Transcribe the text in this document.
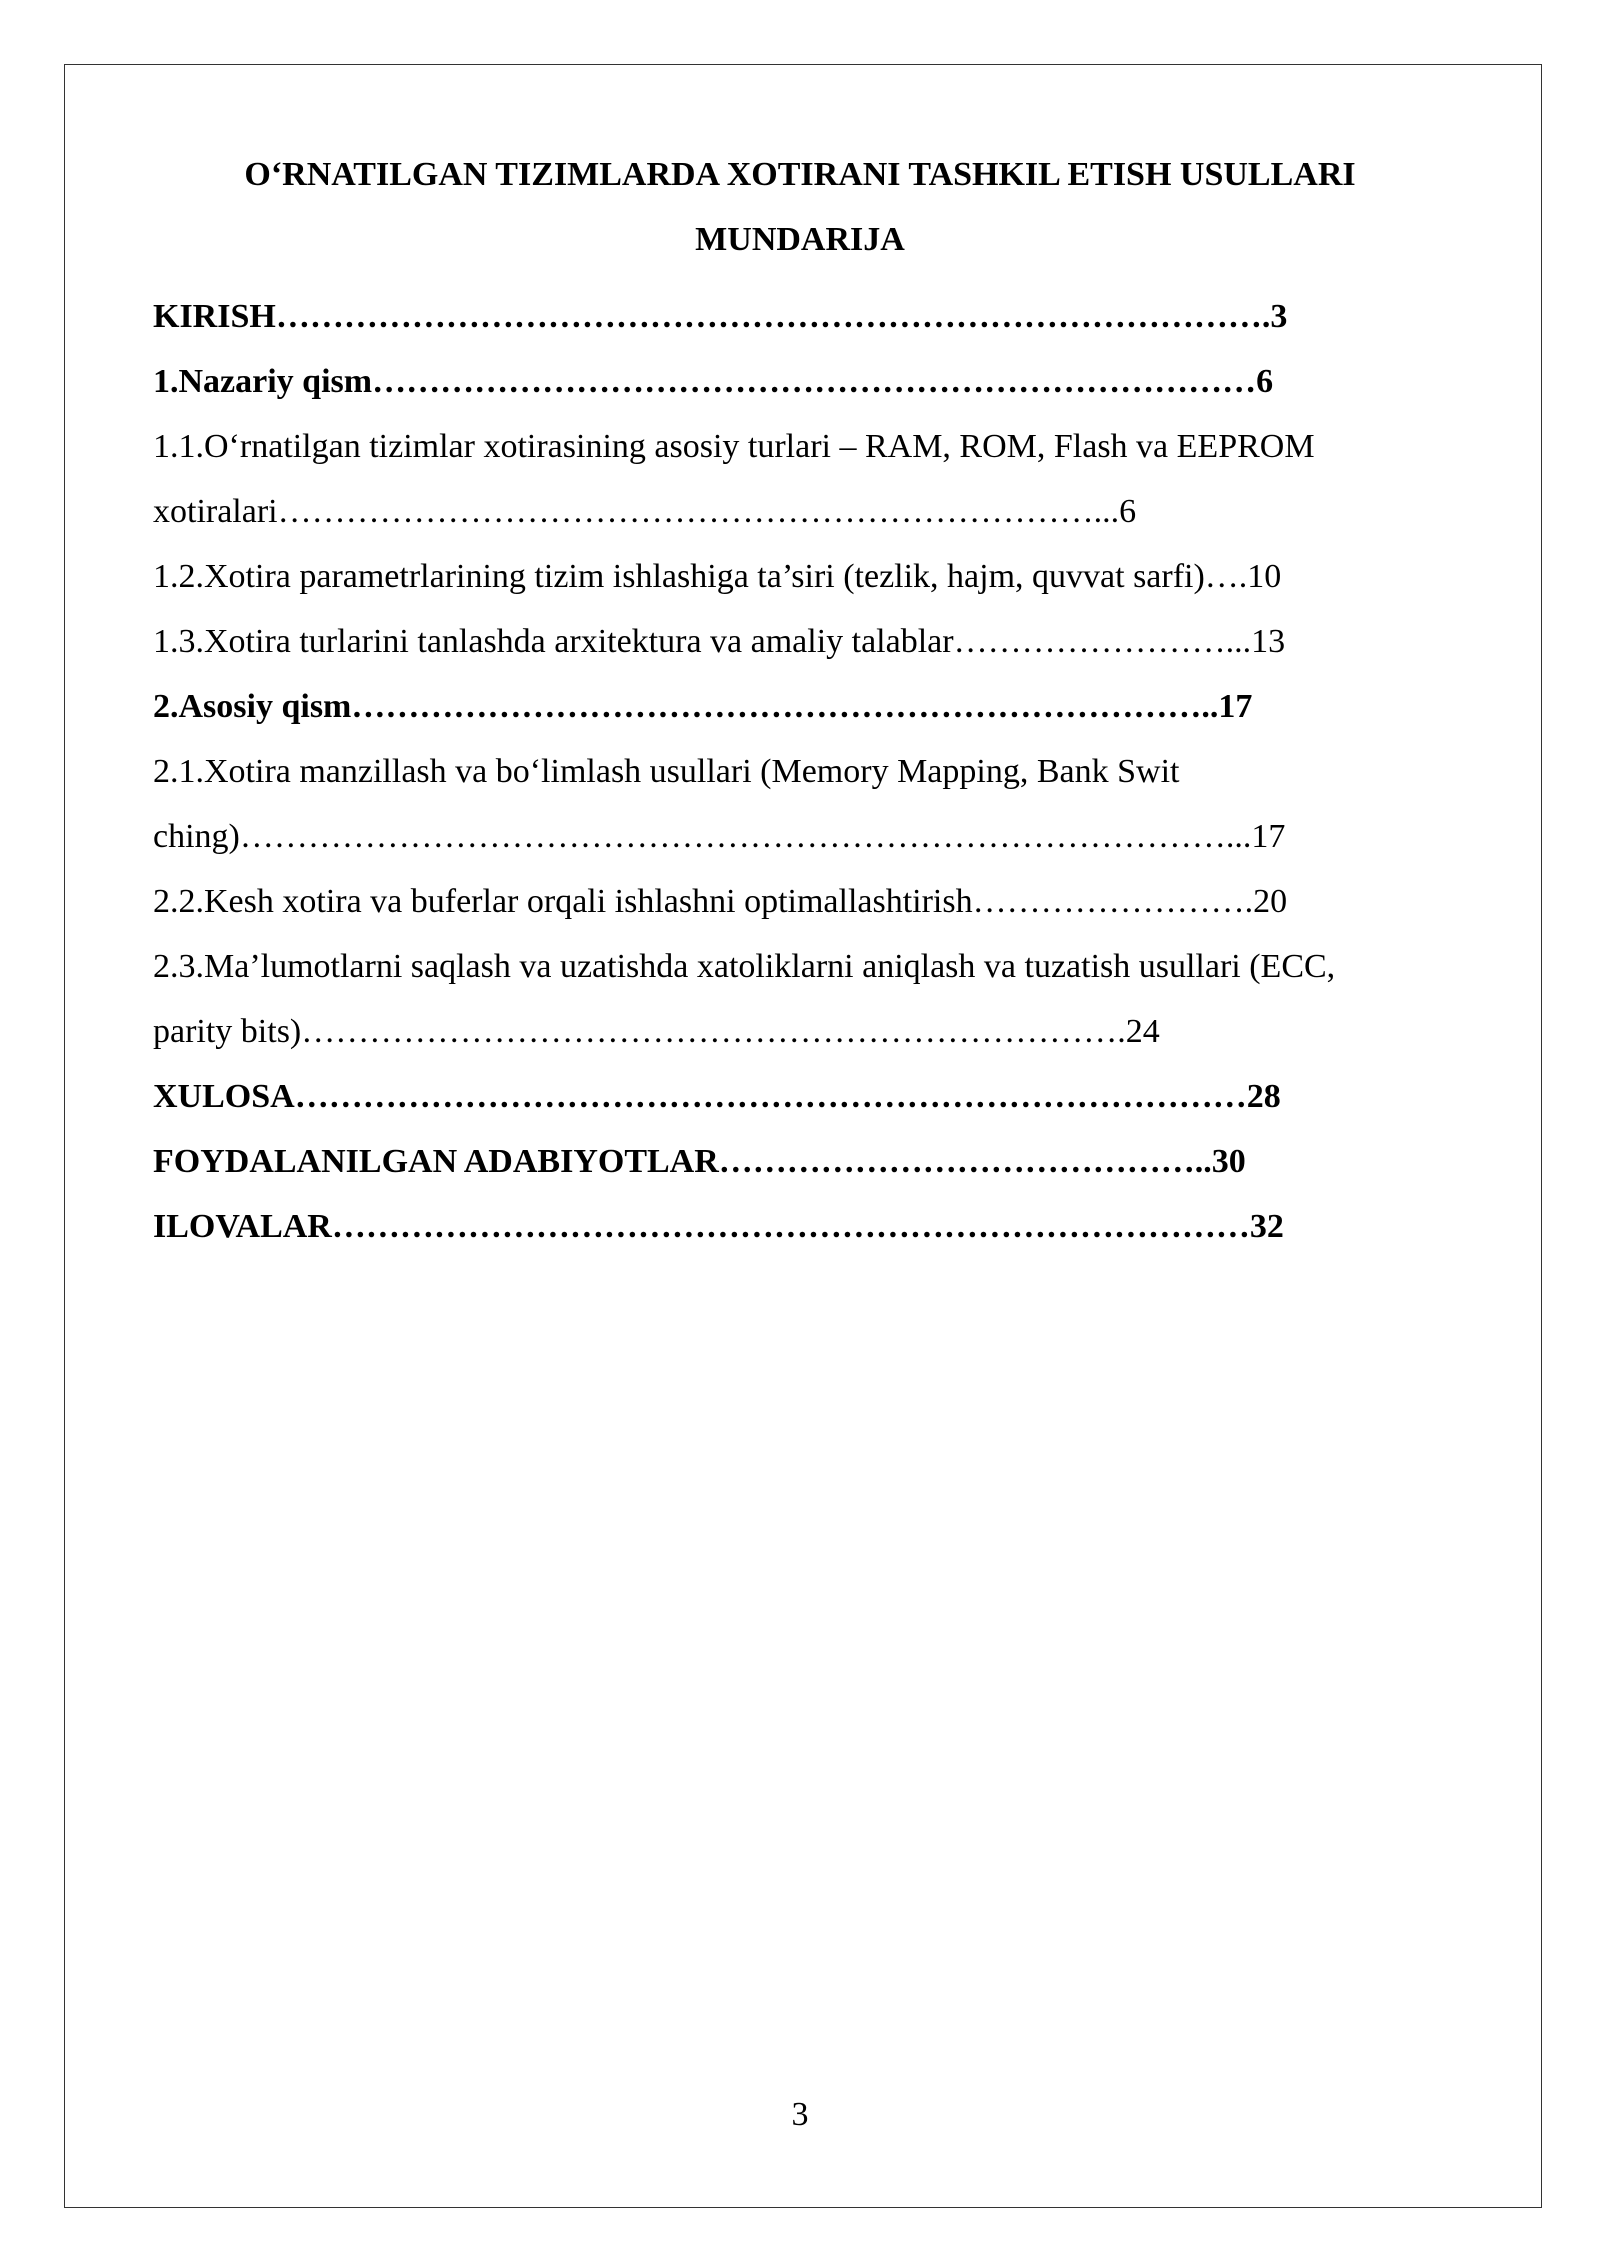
O‘RNATILGAN TIZIMLARDA XOTIRANI TASHKIL ETISH USULLARI
MUNDARIJA
KIRISH…………………………………………………………………………….3
1.Nazariy qism……………………………………………………………………6
1.1.O‘rnatilgan tizimlar xotirasining asosiy turlari – RAM, ROM, Flash va EEPROM
xotiralari………………………………………………………………...6
1.2.Xotira parametrlarining tizim ishlashiga ta’siri (tezlik, hajm, quvvat sarfi)….10
1.3.Xotira turlarini tanlashda arxitektura va amaliy talablar……………………...13
2.Asosiy qism…………………………………………………………………..17
2.1.Xotira manzillash va bo‘limlash usullari (Memory Mapping, Bank Swit
ching)……………………………………………………………………………...17
2.2.Kesh xotira va buferlar orqali ishlashni optimallashtirish…………………….20
2.3.Ma’lumotlarni saqlash va uzatishda xatoliklarni aniqlash va tuzatish usullari (ECC,
parity bits)……………………………………………………………….24
XULOSA…………………………………………………………………………28
FOYDALANILGAN ADABIYOTLAR……………………………………..30
ILOVALAR………………………………………………………………………32
3
